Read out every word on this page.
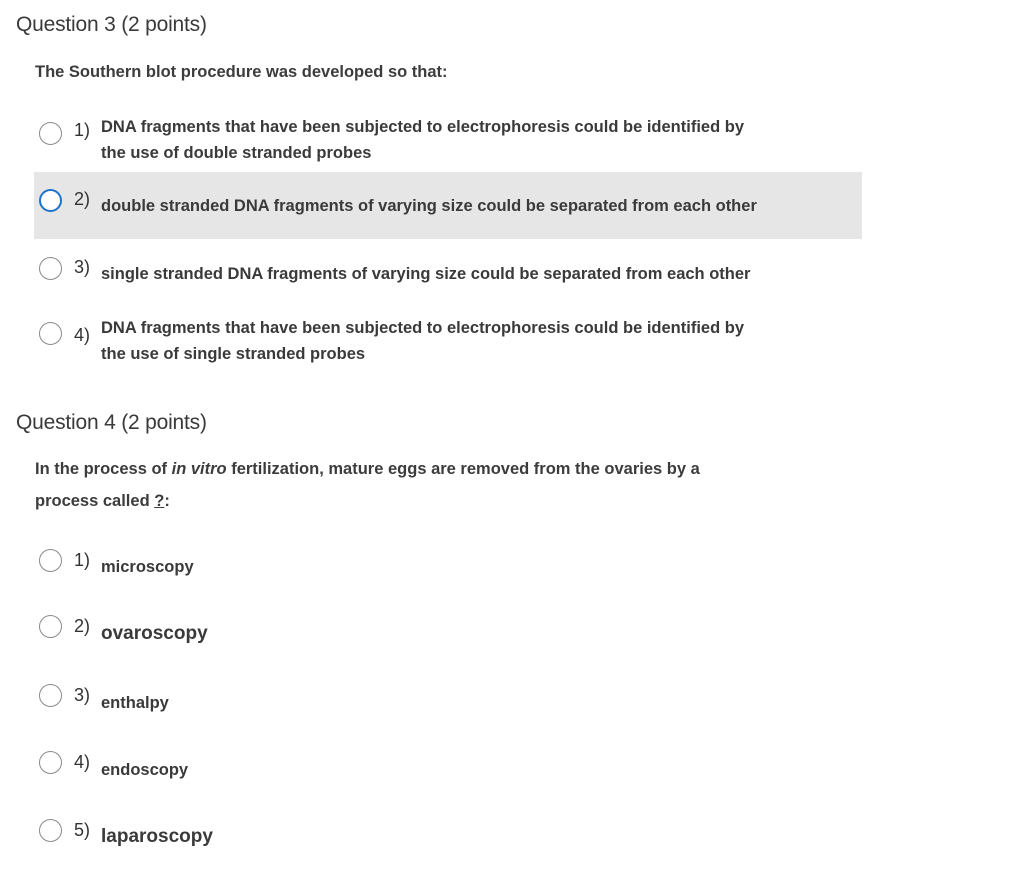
Question 3 (2 points)
The Southern blot procedure was developed so that:
1) DNA fragments that have been subjected to electrophoresis could be identified by
the use of double stranded probes
2) double stranded DNA fragments of varying size could be separated from each other
3) single stranded DNA fragments of varying size could be separated from each other
4) DNA fragments that have been subjected to electrophoresis could be identified by
the use of single stranded probes
Question 4 (2 points)
In the process of in vitro fertilization, mature eggs are removed from the ovaries by a
process called ?:
1) microscopy
2) ovaroscopy
3) enthalpy
4) endoscopy
5) laparoscopy
